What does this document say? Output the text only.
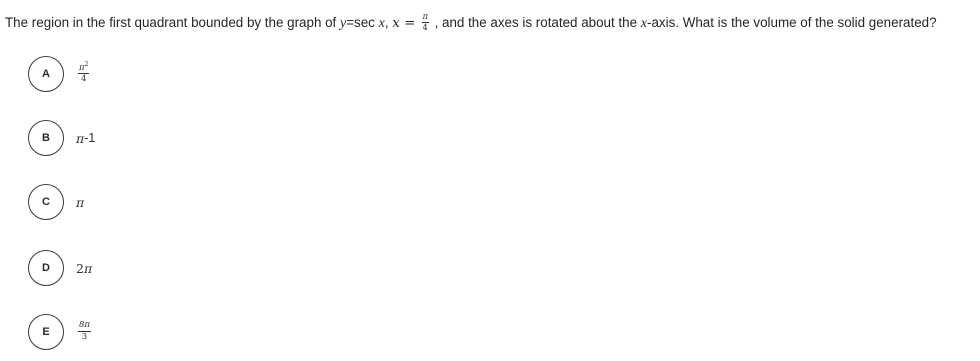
The region in the first quadrant bounded by the graph of y=sec x, $x = \frac{\pi}{4}$ , and the axes is rotated about the x-axis. What is the volume of the solid generated?
A	$\frac{\pi^2}{4}$
B	π -1
C	π
D	2 π
E	$\frac{8\pi}{3}$
